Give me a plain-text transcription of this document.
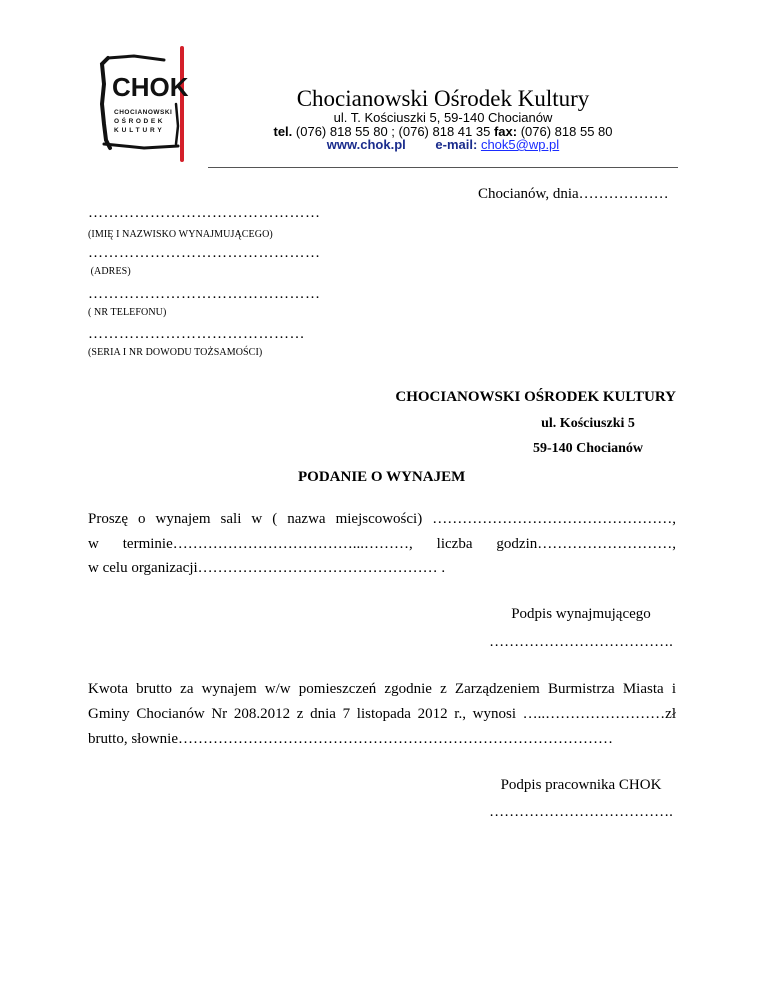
CHOK
CHOCIANOWSKI
OŚRODEK
KULTURY
Chocianowski Ośrodek Kultury
ul. T. Kościuszki 5, 59-140 Chocianów
tel. (076) 818 55 80 ; (076) 818 41 35 fax: (076) 818 55 80
www.chok.pl e-mail: chok5@wp.pl
Chocianów, dnia………………
………………………………………
(IMIĘ I NAZWISKO WYNAJMUJĄCEGO)
………………………………………
(ADRES)
………………………………………
( NR TELEFONU)
……………………………………
(SERIA I NR DOWODU TOŻSAMOŚCI)
CHOCIANOWSKI OŚRODEK KULTURY
ul. Kościuszki 5
59-140 Chocianów
PODANIE O WYNAJEM
Proszę o wynajem sali w ( nazwa miejscowości) …………………………………………,
w terminie………………………………...………, liczba godzin………………………,
w celu organizacji………………………………………… .
Podpis wynajmującego
……………………………….
Kwota brutto za wynajem w/w pomieszczeń zgodnie z Zarządzeniem Burmistrza Miasta i
Gminy Chocianów Nr 208.2012 z dnia 7 listopada 2012 r., wynosi …..……………………zł
brutto, słownie……………………………………………………………………………
Podpis pracownika CHOK
……………………………….
